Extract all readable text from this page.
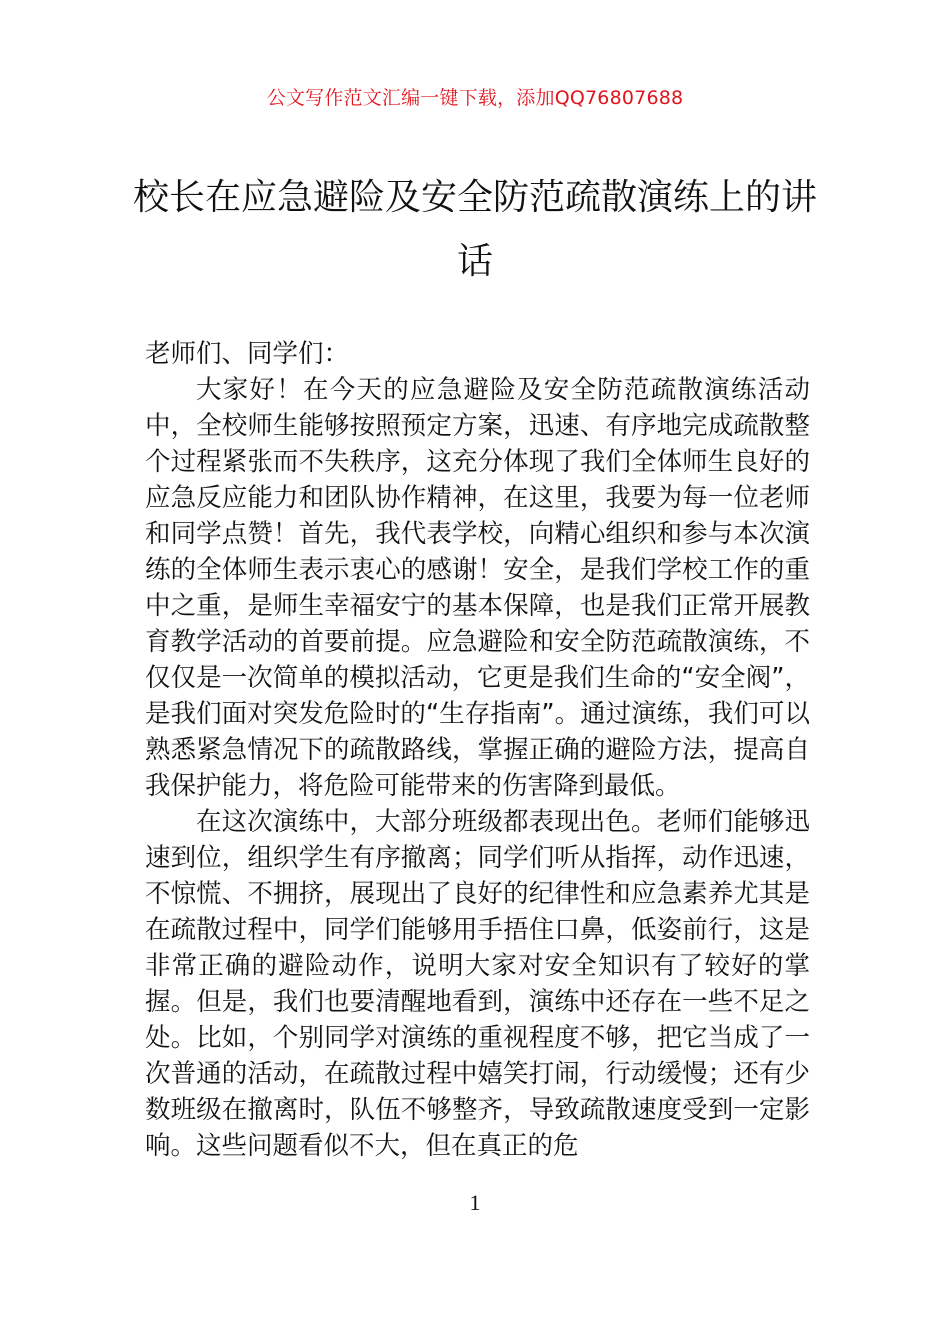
公文写作范文汇编一键下载，添加QQ76807688
校长在应急避险及安全防范疏散演练上的讲话

老师们、同学们：

大家好！在今天的应急避险及安全防范疏散演练活动中，全校师生能够按照预定方案，迅速、有序地完成疏散整个过程紧张而不失秩序，这充分体现了我们全体师生良好的应急反应能力和团队协作精神，在这里，我要为每一位老师和同学点赞！首先，我代表学校，向精心组织和参与本次演练的全体师生表示衷心的感谢！安全，是我们学校工作的重中之重，是师生幸福安宁的基本保障，也是我们正常开展教育教学活动的首要前提。应急避险和安全防范疏散演练，不仅仅是一次简单的模拟活动，它更是我们生命的“安全阀”，是我们面对突发危险时的“生存指南”。通过演练，我们可以熟悉紧急情况下的疏散路线，掌握正确的避险方法，提高自我保护能力，将危险可能带来的伤害降到最低。

在这次演练中，大部分班级都表现出色。老师们能够迅速到位，组织学生有序撤离；同学们听从指挥，动作迅速，不惊慌、不拥挤，展现出了良好的纪律性和应急素养尤其是在疏散过程中，同学们能够用手捂住口鼻，低姿前行，这是非常正确的避险动作，说明大家对安全知识有了较好的掌握。但是，我们也要清醒地看到，演练中还存在一些不足之处。比如，个别同学对演练的重视程度不够，把它当成了一次普通的活动，在疏散过程中嬉笑打闹，行动缓慢；还有少数班级在撤离时，队伍不够整齐，导致疏散速度受到一定影响。这些问题看似不大，但在真正的危

1
